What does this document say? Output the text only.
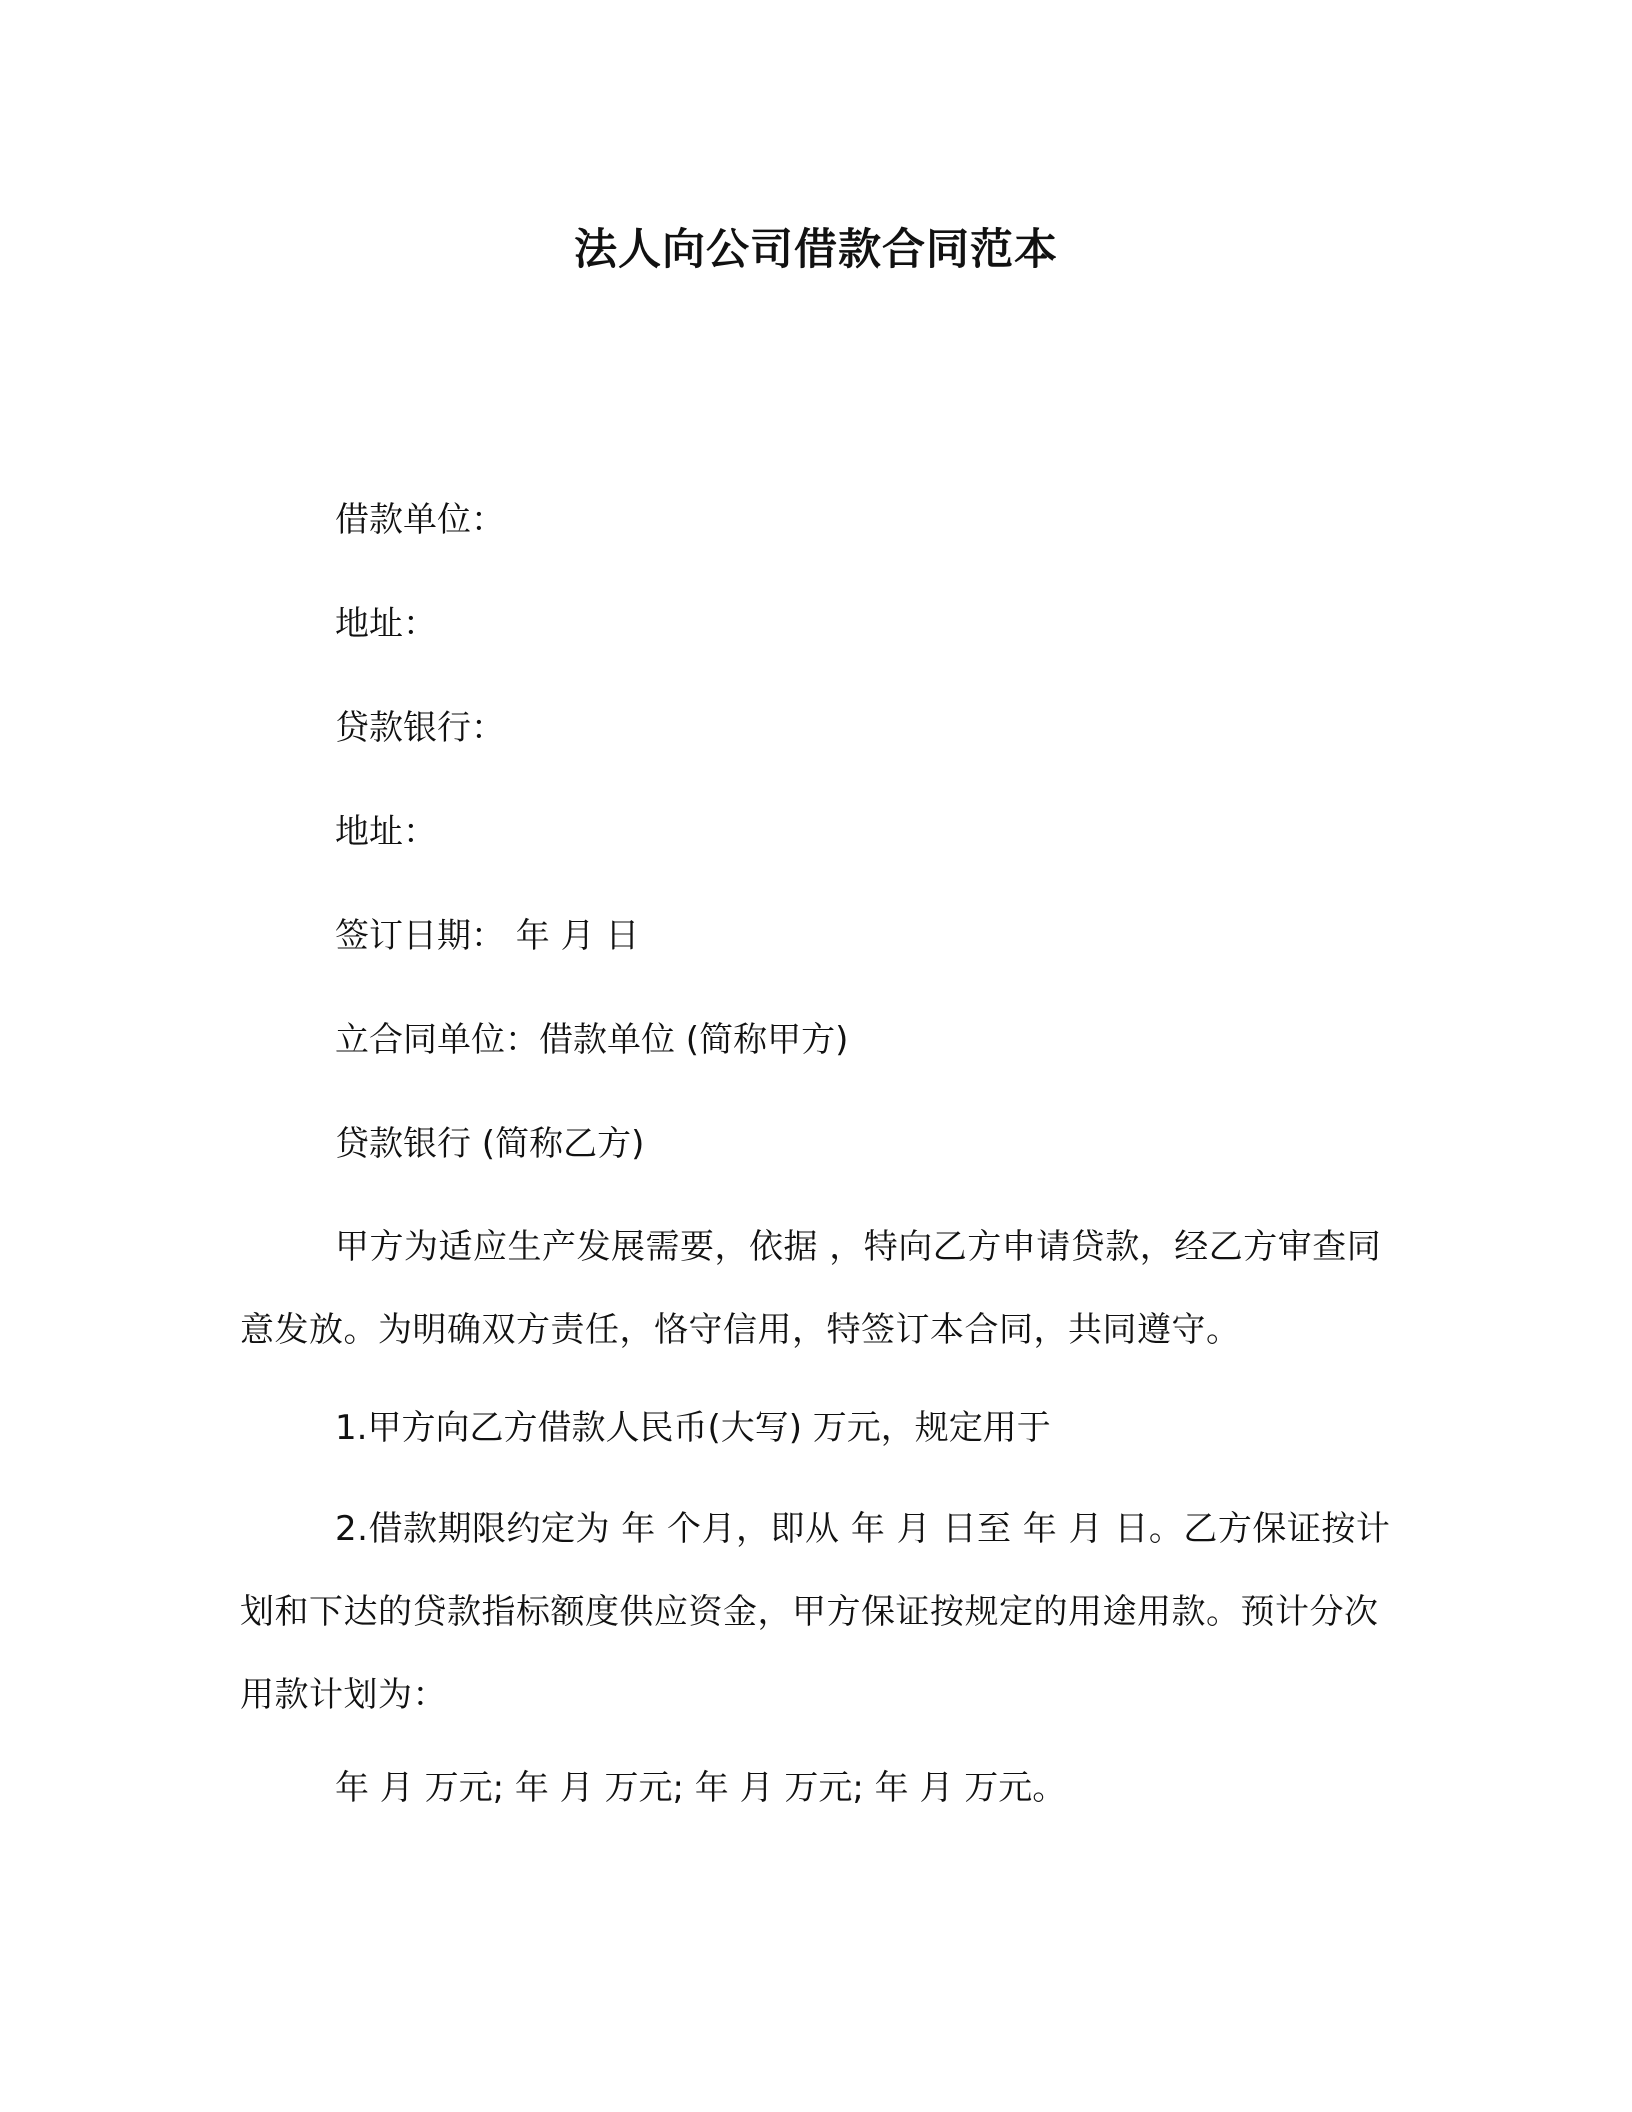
法人向公司借款合同范本
借款单位：
地址：
贷款银行：
地址：
签订日期： 年 月 日
立合同单位：借款单位 (简称甲方)
贷款银行 (简称乙方)
甲方为适应生产发展需要，依据 ，特向乙方申请贷款，经乙方审查同意发放。为明确双方责任，恪守信用，特签订本合同，共同遵守。
1.甲方向乙方借款人民币(大写) 万元，规定用于
2.借款期限约定为 年 个月，即从 年 月 日至 年 月 日。乙方保证按计划和下达的贷款指标额度供应资金，甲方保证按规定的用途用款。预计分次用款计划为：
年 月 万元; 年 月 万元; 年 月 万元; 年 月 万元。
